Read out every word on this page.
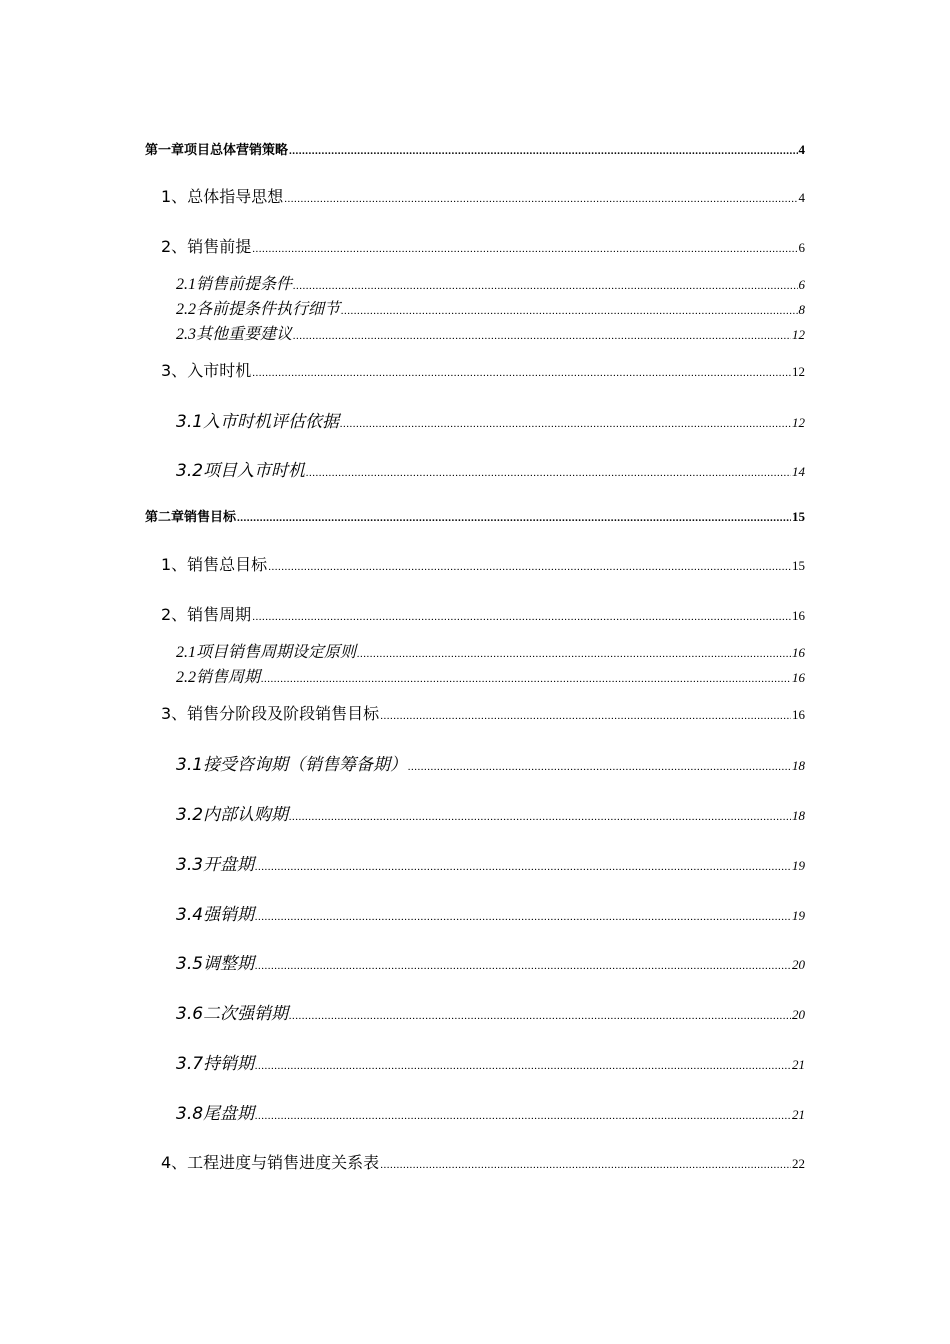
第一章 项目总体营销策略 .....	4
1、 总体指导思想 .....	4
2、 销售前提 .....	6
2.1 销售前提条件 .....	6
2.2 各前提条件执行细节 .....	8
2.3 其他重要建议 .....	12
3、 入市时机 .....	12
3.1 入市时机评估依据 .....	12
3.2 项目入市时机 .....	14
第二章 销售目标 .....	15
1、销售总目标 .....	15
2、销售周期 .....	16
2.1 项目销售周期设定原则 .....	16
2.2 销售周期 .....	16
3、销售分阶段及阶段销售目标 .....	16
3.1 接受咨询期（销售筹备期） .....	18
3.2 内部认购期 .....	18
3.3 开盘期 .....	19
3.4 强销期 .....	19
3.5 调整期 .....	20
3.6 二次强销期 .....	20
3.7 持销期 .....	21
3.8 尾盘期 .....	21
4、工程进度与销售进度关系表 .....	22
